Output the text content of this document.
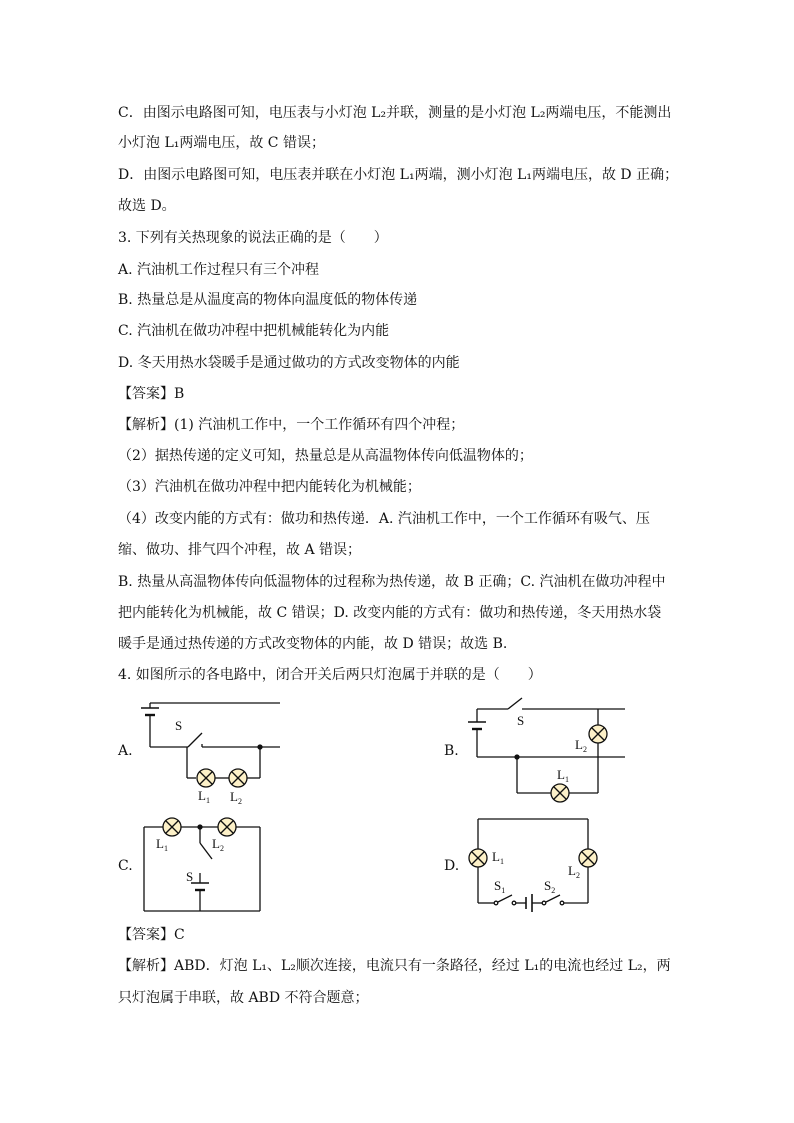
C．由图示电路图可知，电压表与小灯泡 L₂并联，测量的是小灯泡 L₂两端电压，不能测出
小灯泡 L₁两端电压，故 C 错误；
D．由图示电路图可知，电压表并联在小灯泡 L₁两端，测小灯泡 L₁两端电压，故 D 正确；
故选 D。
3. 下列有关热现象的说法正确的是（　　）
A. 汽油机工作过程只有三个冲程
B. 热量总是从温度高的物体向温度低的物体传递
C. 汽油机在做功冲程中把机械能转化为内能
D. 冬天用热水袋暖手是通过做功的方式改变物体的内能
【答案】B
【解析】(1) 汽油机工作中，一个工作循环有四个冲程；
（2）据热传递的定义可知，热量总是从高温物体传向低温物体的；
（3）汽油机在做功冲程中把内能转化为机械能；
（4）改变内能的方式有：做功和热传递．A. 汽油机工作中，一个工作循环有吸气、压
缩、做功、排气四个冲程，故 A 错误；
B. 热量从高温物体传向低温物体的过程称为热传递，故 B 正确；C. 汽油机在做功冲程中
把内能转化为机械能，故 C 错误；D. 改变内能的方式有：做功和热传递，冬天用热水袋
暖手是通过热传递的方式改变物体的内能，故 D 错误；故选 B.
4. 如图所示的各电路中，闭合开关后两只灯泡属于并联的是（　　）
【答案】C
【解析】ABD．灯泡 L₁、L₂顺次连接，电流只有一条路径，经过 L₁的电流也经过 L₂，两
只灯泡属于串联，故 ABD 不符合题意；
A.	B.
C.	D.
S
$L_1$ $L_2$
S
$L_2$
$L_1$
S
$L_1$	$L_2$
$S_1$	$S_2$
$L_1$
$L_2$
